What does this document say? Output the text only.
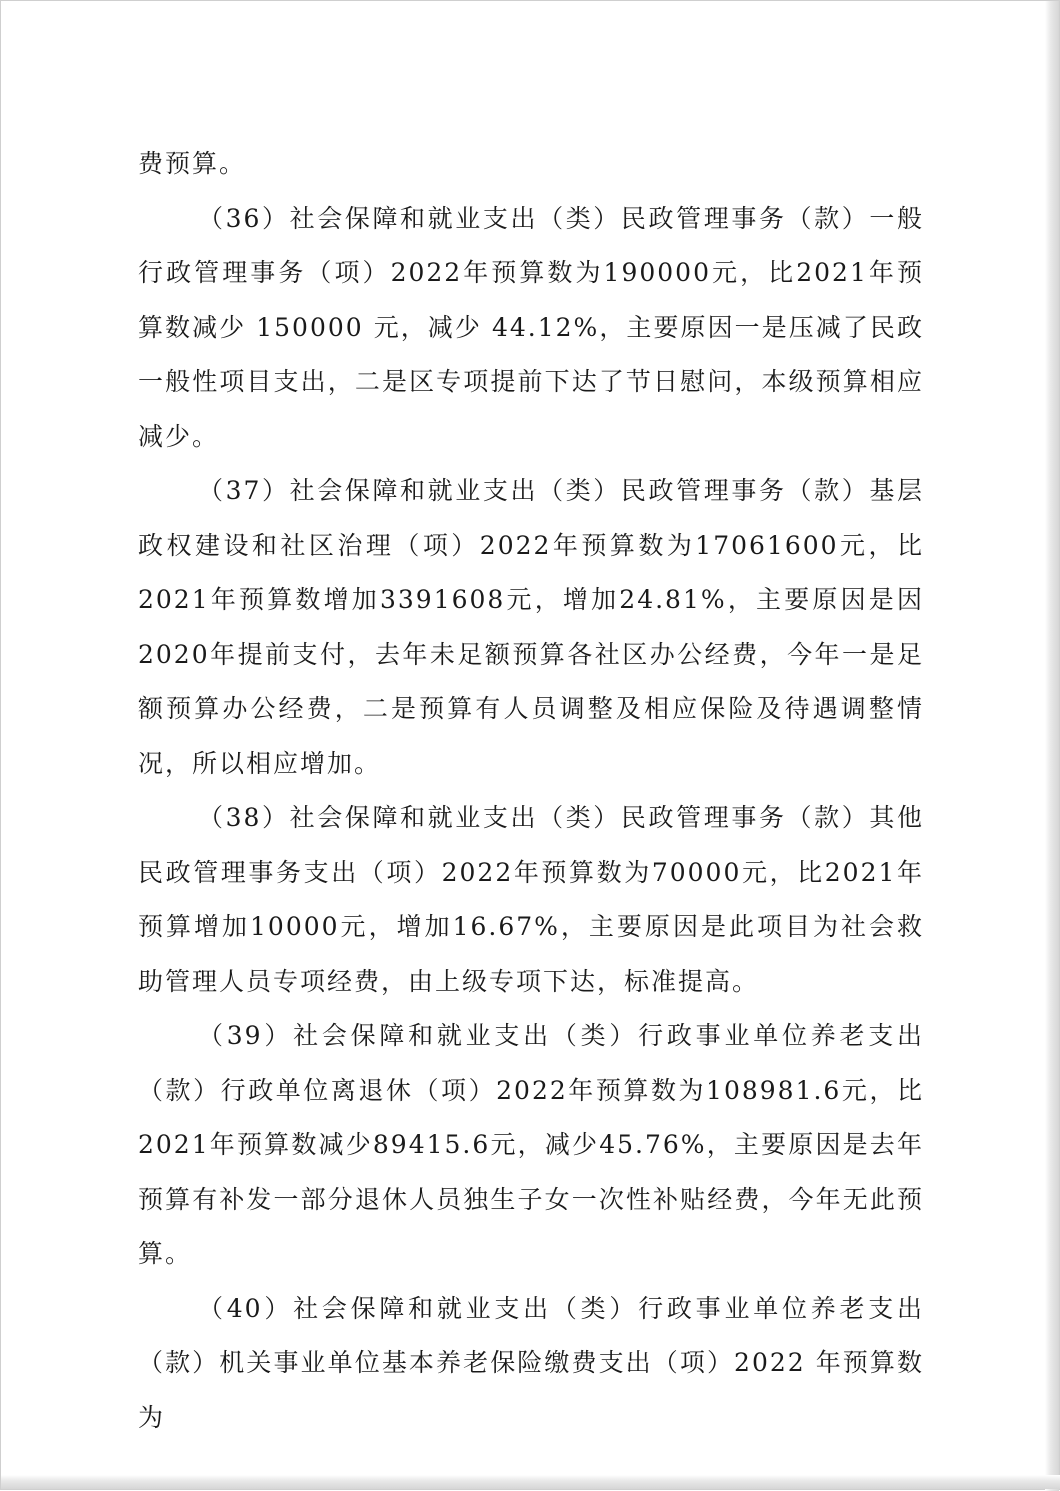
费预算。

（36）社会保障和就业支出（类）民政管理事务（款）一般行政管理事务（项）2022年预算数为190000元，比2021年预算数减少 150000 元，减少 44.12%，主要原因一是压减了民政一般性项目支出，二是区专项提前下达了节日慰问，本级预算相应减少。

（37）社会保障和就业支出（类）民政管理事务（款）基层政权建设和社区治理（项）2022年预算数为17061600元，比2021年预算数增加3391608元，增加24.81%，主要原因是因2020年提前支付，去年未足额预算各社区办公经费，今年一是足额预算办公经费，二是预算有人员调整及相应保险及待遇调整情况，所以相应增加。

（38）社会保障和就业支出（类）民政管理事务（款）其他民政管理事务支出（项）2022年预算数为70000元，比2021年预算增加10000元，增加16.67%，主要原因是此项目为社会救助管理人员专项经费，由上级专项下达，标准提高。

（39）社会保障和就业支出（类）行政事业单位养老支出（款）行政单位离退休（项）2022年预算数为108981.6元，比2021年预算数减少89415.6元，减少45.76%，主要原因是去年预算有补发一部分退休人员独生子女一次性补贴经费，今年无此预算。

（40）社会保障和就业支出（类）行政事业单位养老支出（款）机关事业单位基本养老保险缴费支出（项）2022 年预算数为
